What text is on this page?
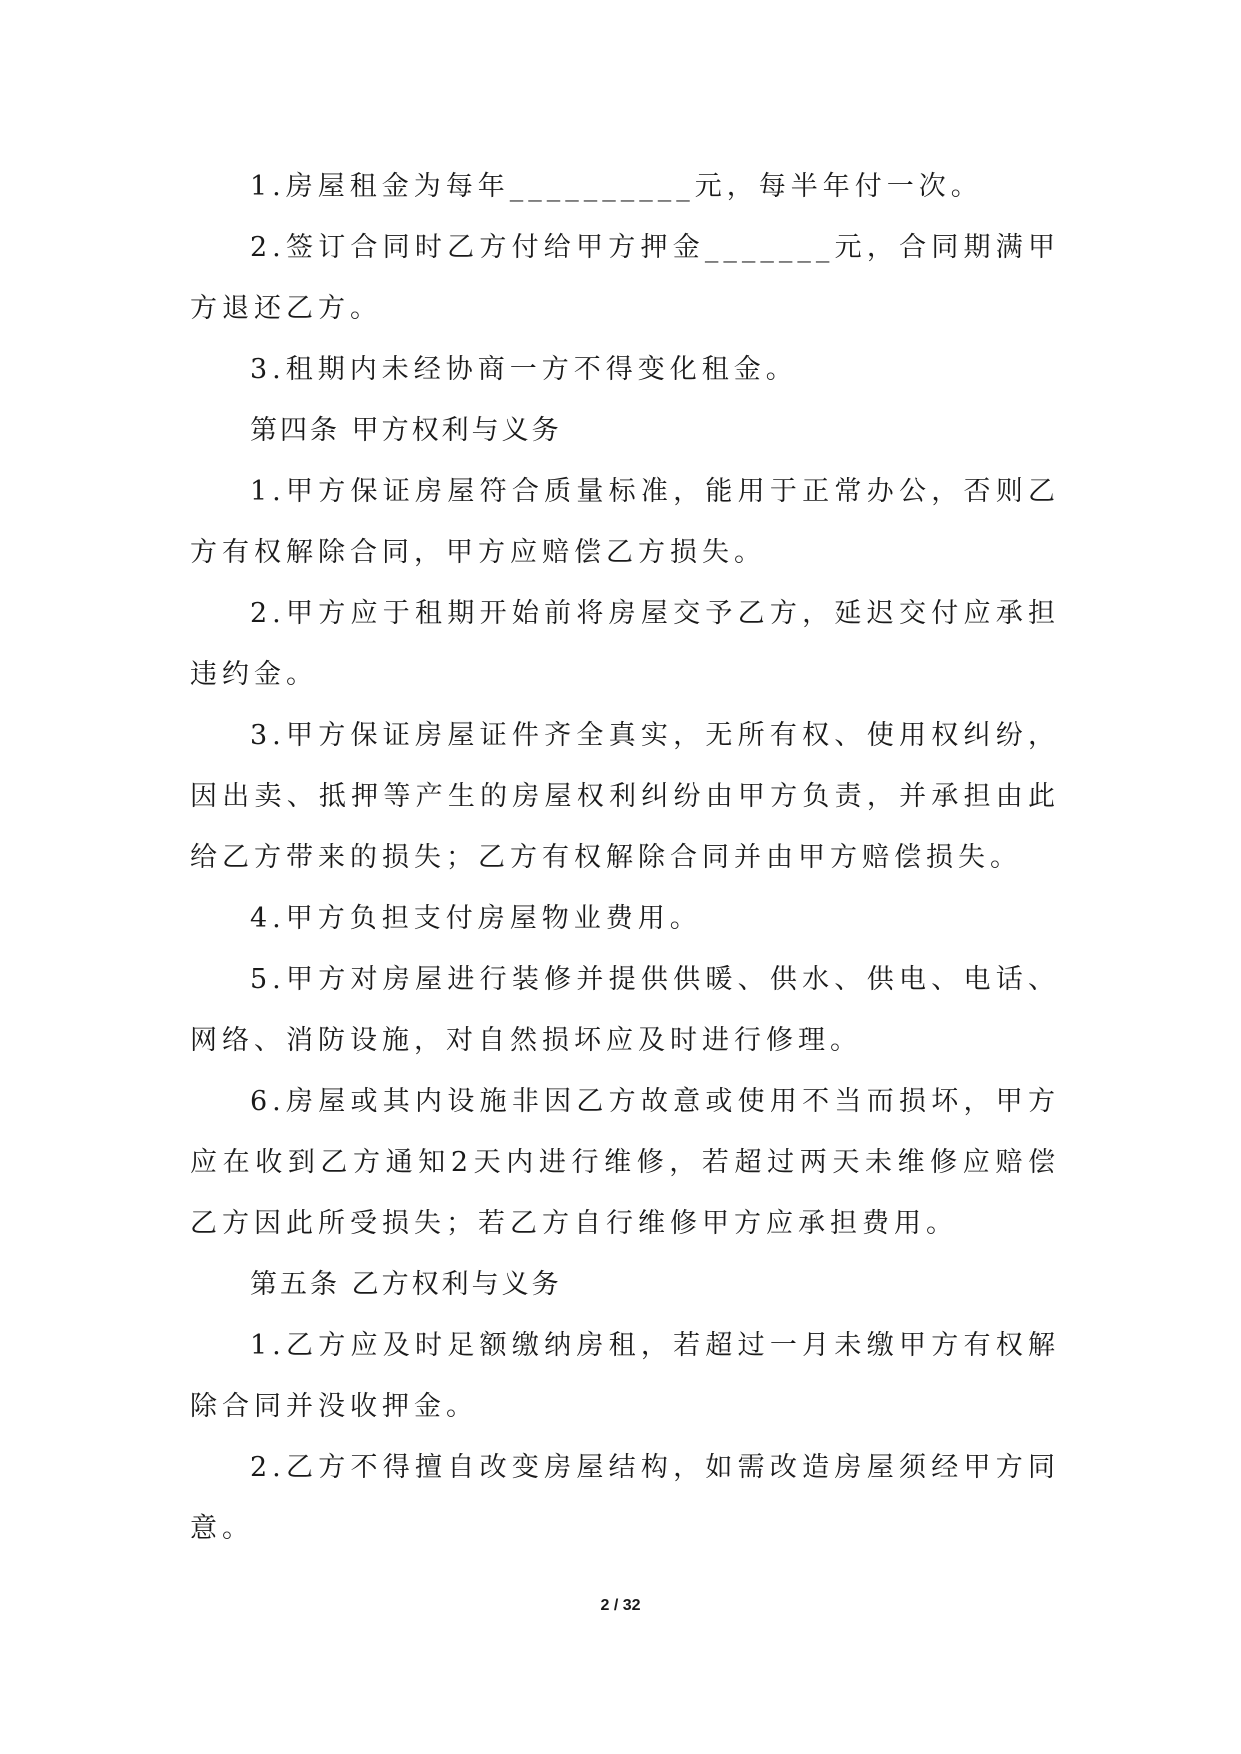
1.房屋租金为每年__________元，每半年付一次。

2.签订合同时乙方付给甲方押金_______元，合同期满甲方退还乙方。

3.租期内未经协商一方不得变化租金。

第四条 甲方权利与义务

1.甲方保证房屋符合质量标准，能用于正常办公，否则乙方有权解除合同，甲方应赔偿乙方损失。

2.甲方应于租期开始前将房屋交予乙方，延迟交付应承担违约金。

3.甲方保证房屋证件齐全真实，无所有权、使用权纠纷，因出卖、抵押等产生的房屋权利纠纷由甲方负责，并承担由此给乙方带来的损失；乙方有权解除合同并由甲方赔偿损失。

4.甲方负担支付房屋物业费用。

5.甲方对房屋进行装修并提供供暖、供水、供电、电话、网络、消防设施，对自然损坏应及时进行修理。

6.房屋或其内设施非因乙方故意或使用不当而损坏，甲方应在收到乙方通知2天内进行维修，若超过两天未维修应赔偿乙方因此所受损失；若乙方自行维修甲方应承担费用。

第五条 乙方权利与义务

1.乙方应及时足额缴纳房租，若超过一月未缴甲方有权解除合同并没收押金。

2.乙方不得擅自改变房屋结构，如需改造房屋须经甲方同意。

2 / 32
